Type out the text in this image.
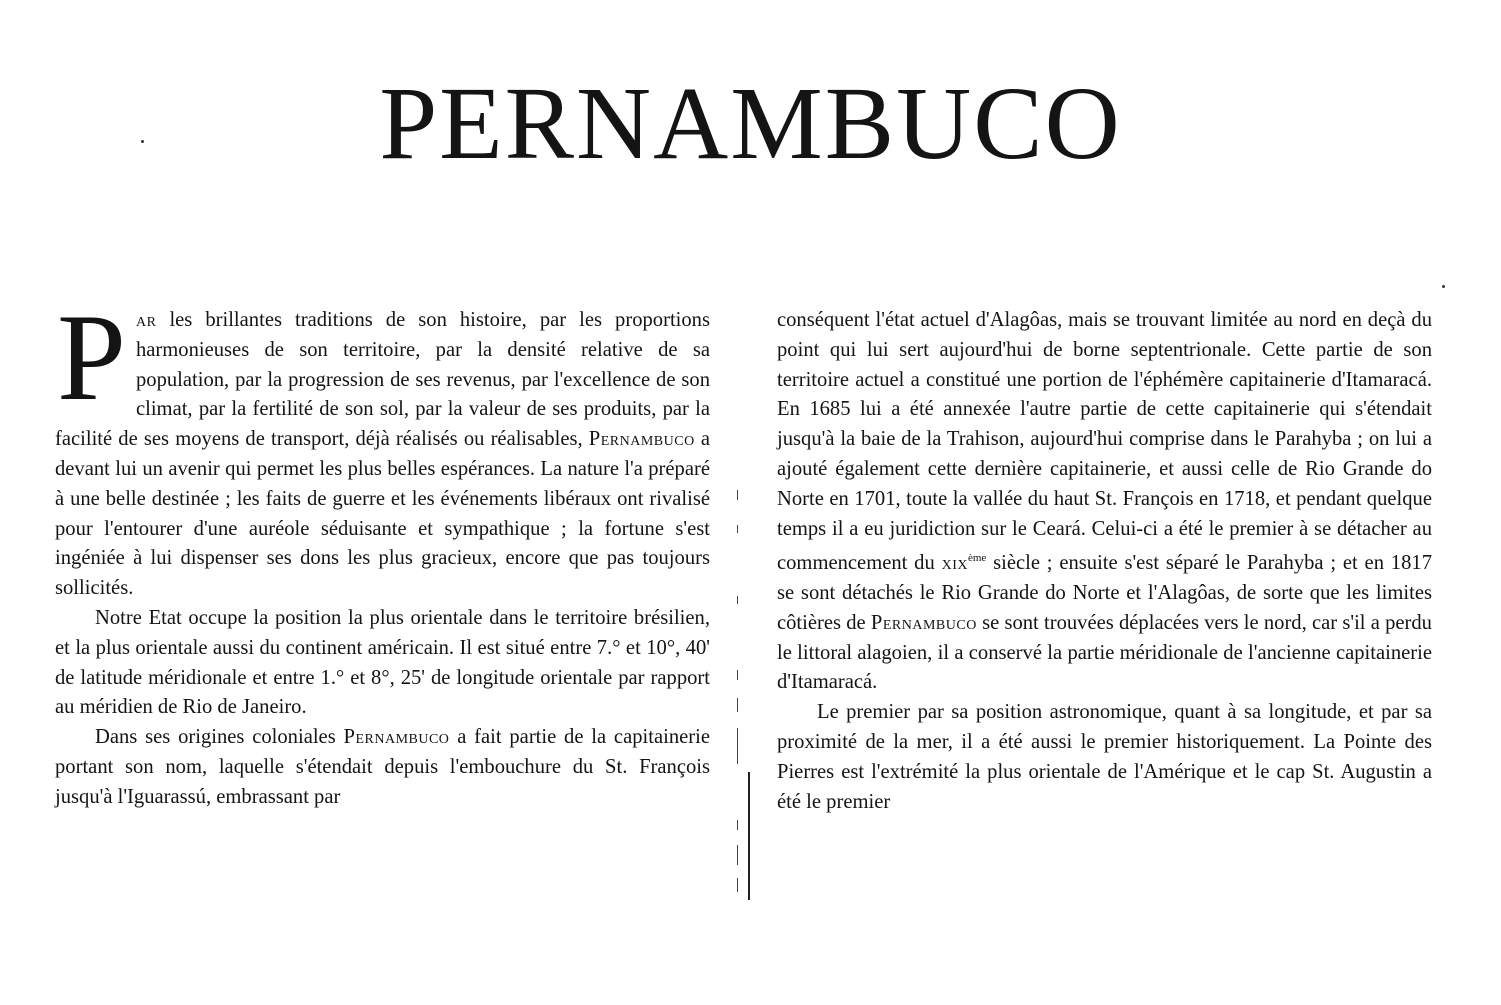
PERNAMBUCO

Par les brillantes traditions de son histoire, par les proportions harmonieuses de son territoire, par la densité relative de sa population, par la progression de ses revenus, par l'excellence de son climat, par la fertilité de son sol, par la valeur de ses produits, par la facilité de ses moyens de transport, déjà réalisés ou réalisables, Pernambuco a devant lui un avenir qui permet les plus belles espérances. La nature l'a préparé à une belle destinée ; les faits de guerre et les événements libéraux ont rivalisé pour l'entourer d'une auréole séduisante et sympathique ; la fortune s'est ingéniée à lui dispenser ses dons les plus gracieux, encore que pas toujours sollicités.

Notre Etat occupe la position la plus orientale dans le territoire brésilien, et la plus orientale aussi du continent américain. Il est situé entre 7.° et 10°, 40' de latitude méridionale et entre 1.° et 8°, 25' de longitude orientale par rapport au méridien de Rio de Janeiro.

Dans ses origines coloniales Pernambuco a fait partie de la capitainerie portant son nom, laquelle s'étendait depuis l'embouchure du St. François jusqu'à l'Iguarassú, embrassant par

conséquent l'état actuel d'Alagôas, mais se trouvant limitée au nord en deçà du point qui lui sert aujourd'hui de borne septentrionale. Cette partie de son territoire actuel a constitué une portion de l'éphémère capitainerie d'Itamaracá. En 1685 lui a été annexée l'autre partie de cette capitainerie qui s'étendait jusqu'à la baie de la Trahison, aujourd'hui comprise dans le Parahyba ; on lui a ajouté également cette dernière capitainerie, et aussi celle de Rio Grande do Norte en 1701, toute la vallée du haut St. François en 1718, et pendant quelque temps il a eu juridiction sur le Ceará. Celui-ci a été le premier à se détacher au commencement du xix$^{ème}$ siècle ; ensuite s'est séparé le Parahyba ; et en 1817 se sont détachés le Rio Grande do Norte et l'Alagôas, de sorte que les limites côtières de Pernambuco se sont trouvées déplacées vers le nord, car s'il a perdu le littoral alagoien, il a conservé la partie méridionale de l'ancienne capitainerie d'Itamaracá.

Le premier par sa position astronomique, quant à sa longitude, et par sa proximité de la mer, il a été aussi le premier historiquement. La Pointe des Pierres est l'extrémité la plus orientale de l'Amérique et le cap St. Augustin a été le premier
